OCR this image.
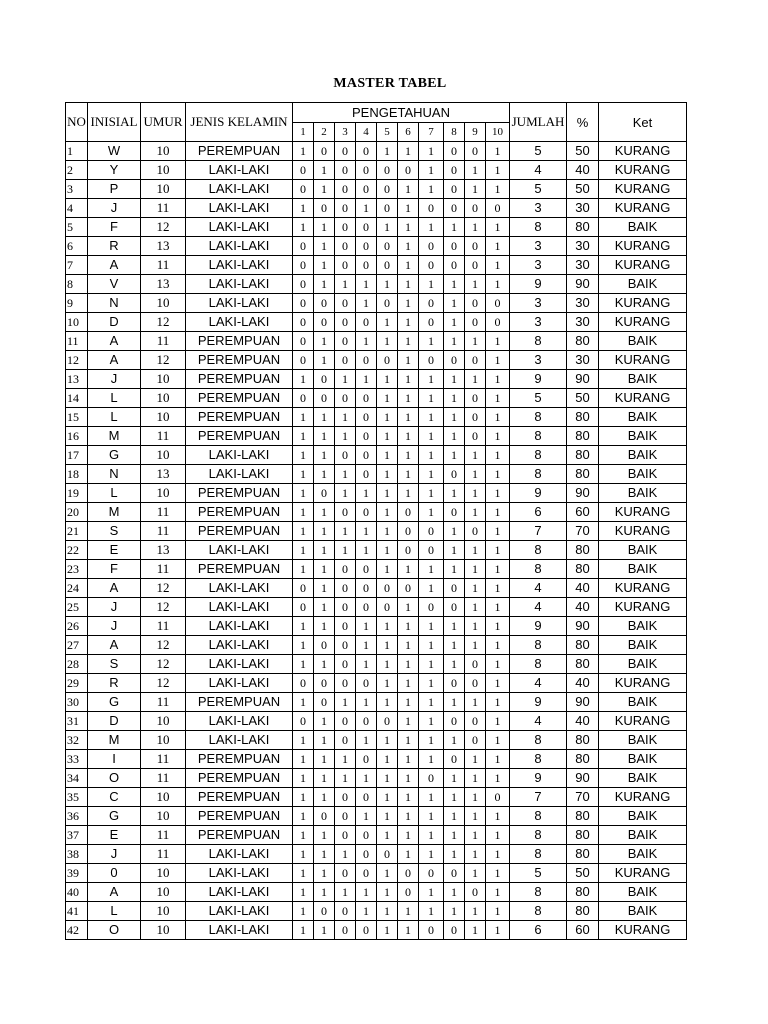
MASTER TABEL
NO	INISIAL	UMUR	JENIS KELAMIN	PENGETAHUAN										JUMLAH	%	Ket
				1	2	3	4	5	6	7	8	9	10			
1	W	10	PEREMPUAN	1	0	0	0	1	1	1	0	0	1	5	50	KURANG
2	Y	10	LAKI-LAKI	0	1	0	0	0	0	1	0	1	1	4	40	KURANG
3	P	10	LAKI-LAKI	0	1	0	0	0	1	1	0	1	1	5	50	KURANG
4	J	11	LAKI-LAKI	1	0	0	1	0	1	0	0	0	0	3	30	KURANG
5	F	12	LAKI-LAKI	1	1	0	0	1	1	1	1	1	1	8	80	BAIK
6	R	13	LAKI-LAKI	0	1	0	0	0	1	0	0	0	1	3	30	KURANG
7	A	11	LAKI-LAKI	0	1	0	0	0	1	0	0	0	1	3	30	KURANG
8	V	13	LAKI-LAKI	0	1	1	1	1	1	1	1	1	1	9	90	BAIK
9	N	10	LAKI-LAKI	0	0	0	1	0	1	0	1	0	0	3	30	KURANG
10	D	12	LAKI-LAKI	0	0	0	0	1	1	0	1	0	0	3	30	KURANG
11	A	11	PEREMPUAN	0	1	0	1	1	1	1	1	1	1	8	80	BAIK
12	A	12	PEREMPUAN	0	1	0	0	0	1	0	0	0	1	3	30	KURANG
13	J	10	PEREMPUAN	1	0	1	1	1	1	1	1	1	1	9	90	BAIK
14	L	10	PEREMPUAN	0	0	0	0	1	1	1	1	0	1	5	50	KURANG
15	L	10	PEREMPUAN	1	1	1	0	1	1	1	1	0	1	8	80	BAIK
16	M	11	PEREMPUAN	1	1	1	0	1	1	1	1	0	1	8	80	BAIK
17	G	10	LAKI-LAKI	1	1	0	0	1	1	1	1	1	1	8	80	BAIK
18	N	13	LAKI-LAKI	1	1	1	0	1	1	1	0	1	1	8	80	BAIK
19	L	10	PEREMPUAN	1	0	1	1	1	1	1	1	1	1	9	90	BAIK
20	M	11	PEREMPUAN	1	1	0	0	1	0	1	0	1	1	6	60	KURANG
21	S	11	PEREMPUAN	1	1	1	1	1	0	0	1	0	1	7	70	KURANG
22	E	13	LAKI-LAKI	1	1	1	1	1	0	0	1	1	1	8	80	BAIK
23	F	11	PEREMPUAN	1	1	0	0	1	1	1	1	1	1	8	80	BAIK
24	A	12	LAKI-LAKI	0	1	0	0	0	0	1	0	1	1	4	40	KURANG
25	J	12	LAKI-LAKI	0	1	0	0	0	1	0	0	1	1	4	40	KURANG
26	J	11	LAKI-LAKI	1	1	0	1	1	1	1	1	1	1	9	90	BAIK
27	A	12	LAKI-LAKI	1	0	0	1	1	1	1	1	1	1	8	80	BAIK
28	S	12	LAKI-LAKI	1	1	0	1	1	1	1	1	0	1	8	80	BAIK
29	R	12	LAKI-LAKI	0	0	0	0	1	1	1	0	0	1	4	40	KURANG
30	G	11	PEREMPUAN	1	0	1	1	1	1	1	1	1	1	9	90	BAIK
31	D	10	LAKI-LAKI	0	1	0	0	0	1	1	0	0	1	4	40	KURANG
32	M	10	LAKI-LAKI	1	1	0	1	1	1	1	1	0	1	8	80	BAIK
33	I	11	PEREMPUAN	1	1	1	0	1	1	1	0	1	1	8	80	BAIK
34	O	11	PEREMPUAN	1	1	1	1	1	1	0	1	1	1	9	90	BAIK
35	C	10	PEREMPUAN	1	1	0	0	1	1	1	1	1	0	7	70	KURANG
36	G	10	PEREMPUAN	1	0	0	1	1	1	1	1	1	1	8	80	BAIK
37	E	11	PEREMPUAN	1	1	0	0	1	1	1	1	1	1	8	80	BAIK
38	J	11	LAKI-LAKI	1	1	1	0	0	1	1	1	1	1	8	80	BAIK
39	0	10	LAKI-LAKI	1	1	0	0	1	0	0	0	1	1	5	50	KURANG
40	A	10	LAKI-LAKI	1	1	1	1	1	0	1	1	0	1	8	80	BAIK
41	L	10	LAKI-LAKI	1	0	0	1	1	1	1	1	1	1	8	80	BAIK
42	O	10	LAKI-LAKI	1	1	0	0	1	1	0	0	1	1	6	60	KURANG
